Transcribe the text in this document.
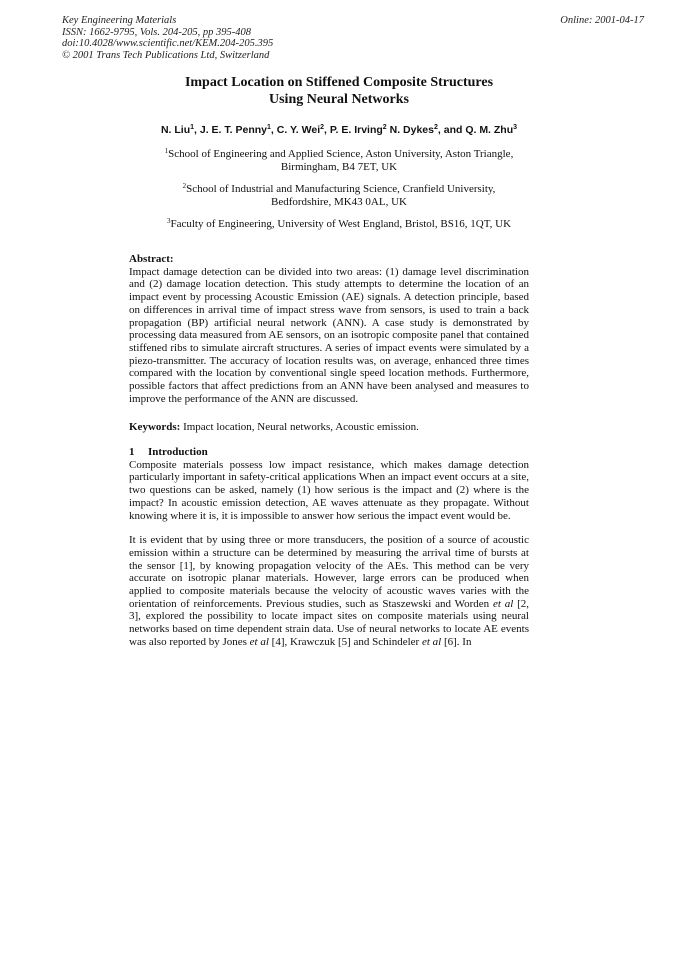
Key Engineering Materials
ISSN: 1662-9795, Vols. 204-205, pp 395-408
doi:10.4028/www.scientific.net/KEM.204-205.395
© 2001 Trans Tech Publications Ltd, Switzerland
Online: 2001-04-17
Impact Location on Stiffened Composite Structures
Using Neural Networks
N. Liu$^1$, J. E. T. Penny$^1$, C. Y. Wei$^2$, P. E. Irving$^2$ N. Dykes$^2$, and Q. M. Zhu$^3$
$^1$School of Engineering and Applied Science, Aston University, Aston Triangle,
Birmingham, B4 7ET, UK
$^2$School of Industrial and Manufacturing Science, Cranfield University,
Bedfordshire, MK43 0AL, UK
$^3$Faculty of Engineering, University of West England, Bristol, BS16, 1QT, UK
Abstract:
Impact damage detection can be divided into two areas: (1) damage level discrimination and (2) damage location detection. This study attempts to determine the location of an impact event by processing Acoustic Emission (AE) signals. A detection principle, based on differences in arrival time of impact stress wave from sensors, is used to train a back propagation (BP) artificial neural network (ANN). A case study is demonstrated by processing data measured from AE sensors, on an isotropic composite panel that contained stiffened ribs to simulate aircraft structures. A series of impact events were simulated by a piezo-transmitter. The accuracy of location results was, on average, enhanced three times compared with the location by conventional single speed location methods. Furthermore, possible factors that affect predictions from an ANN have been analysed and measures to improve the performance of the ANN are discussed.
Keywords: Impact location, Neural networks, Acoustic emission.
1 Introduction
Composite materials possess low impact resistance, which makes damage detection particularly important in safety-critical applications When an impact event occurs at a site, two questions can be asked, namely (1) how serious is the impact and (2) where is the impact? In acoustic emission detection, AE waves attenuate as they propagate. Without knowing where it is, it is impossible to answer how serious the impact event would be.
It is evident that by using three or more transducers, the position of a source of acoustic emission within a structure can be determined by measuring the arrival time of bursts at the sensor [1], by knowing propagation velocity of the AEs. This method can be very accurate on isotropic planar materials. However, large errors can be produced when applied to composite materials because the velocity of acoustic waves varies with the orientation of reinforcements. Previous studies, such as Staszewski and Worden et al [2, 3], explored the possibility to locate impact sites on composite materials using neural networks based on time dependent strain data. Use of neural networks to locate AE events was also reported by Jones et al [4], Krawczuk [5] and Schindeler et al [6]. In
